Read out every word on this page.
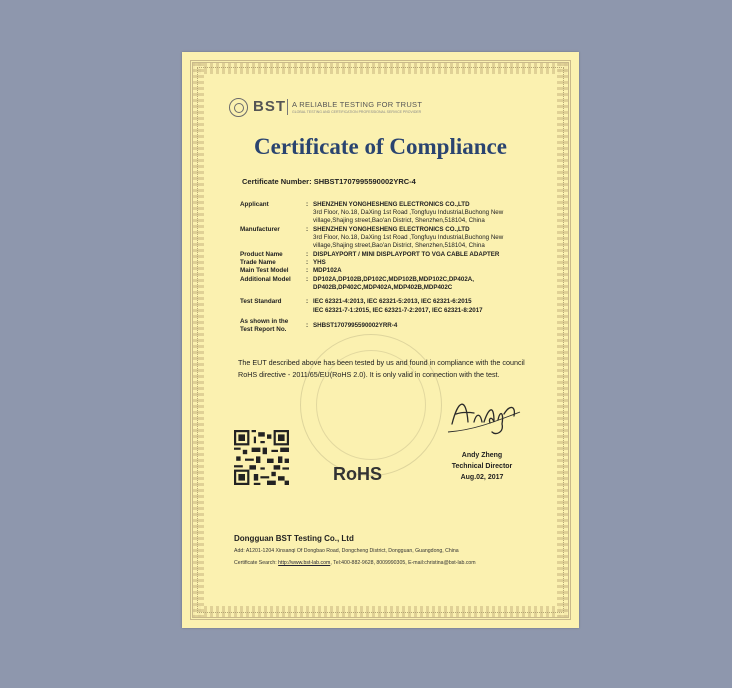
BST A RELIABLE TESTING FOR TRUST
GLOBAL TESTING AND CERTIFICATION PROFESSIONAL SERVICE PROVIDER
Certificate of Compliance
Certificate Number: SHBST1707995590002YRC-4
Applicant	: SHENZHEN YONGHESHENG ELECTRONICS CO.,LTD
3rd Floor, No.18, DaXing 1st Road ,Tongfuyu Industrial,Buchong New
village,Shajing street,Bao'an District, Shenzhen,518104, China
Manufacturer	: SHENZHEN YONGHESHENG ELECTRONICS CO.,LTD
3rd Floor, No.18, DaXing 1st Road ,Tongfuyu Industrial,Buchong New
village,Shajing street,Bao'an District, Shenzhen,518104, China
Product Name	: DISPLAYPORT / MINI DISPLAYPORT TO VGA CABLE ADAPTER
Trade Name	: YHS
Main Test Model	: MDP102A
Additional Model : DP102A,DP102B,DP102C,MDP102B,MDP102C,DP402A,
DP402B,DP402C,MDP402A,MDP402B,MDP402C
Test Standard	: IEC 62321-4:2013, IEC 62321-5:2013, IEC 62321-6:2015
IEC 62321-7-1:2015, IEC 62321-7-2:2017, IEC 62321-8:2017
As shown in the
Test Report No.
: SHBST1707995590002YRR-4
The EUT described above has been tested by us and found in compliance with the council RoHS directive - 2011/65/EU(RoHS 2.0). It is only valid in connection with the test.
RoHS
Andy Zheng
Technical Director
Aug.02, 2017
Dongguan BST Testing Co., Ltd
Add: A1201-1204 Xinsanqi Of Dongbao Road, Dongcheng District, Dongguan, Guangdong, China
Certificate Search: http://www.bst-lab.com, Tel:400-882-9628, 8009990305, E-mail:christina@bst-lab.com
